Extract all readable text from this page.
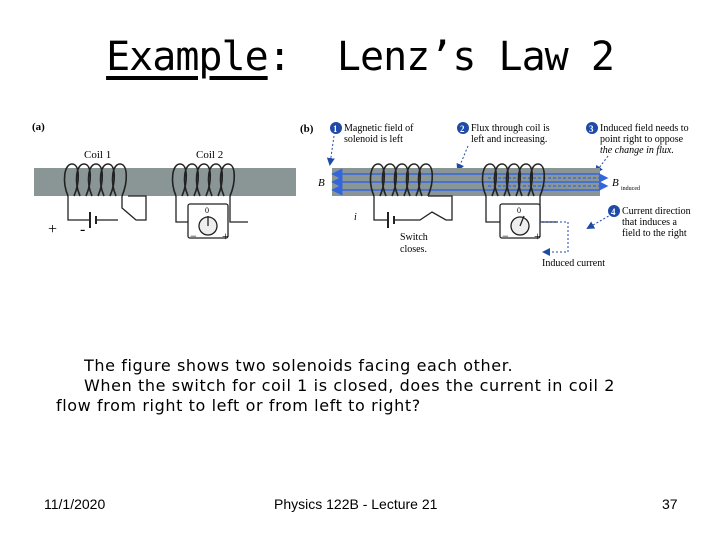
Example: Lenz’s Law 2
(a)
Coil 1	Coil 2
+ -
0
− +
(b) 1 Magnetic field of
solenoid is left
2 Flux through coil is
left and increasing.
3 Induced field needs to
point right to oppose
the change in flux.
B	B induced
i
Switch
closes.
0
− +
Induced current
4 Current direction
that induces a
field to the right
The figure shows two solenoids facing each other.
When the switch for coil 1 is closed, does the current in coil 2
flow from right to left or from left to right?
11/1/2020	Physics 122B - Lecture 21	37
